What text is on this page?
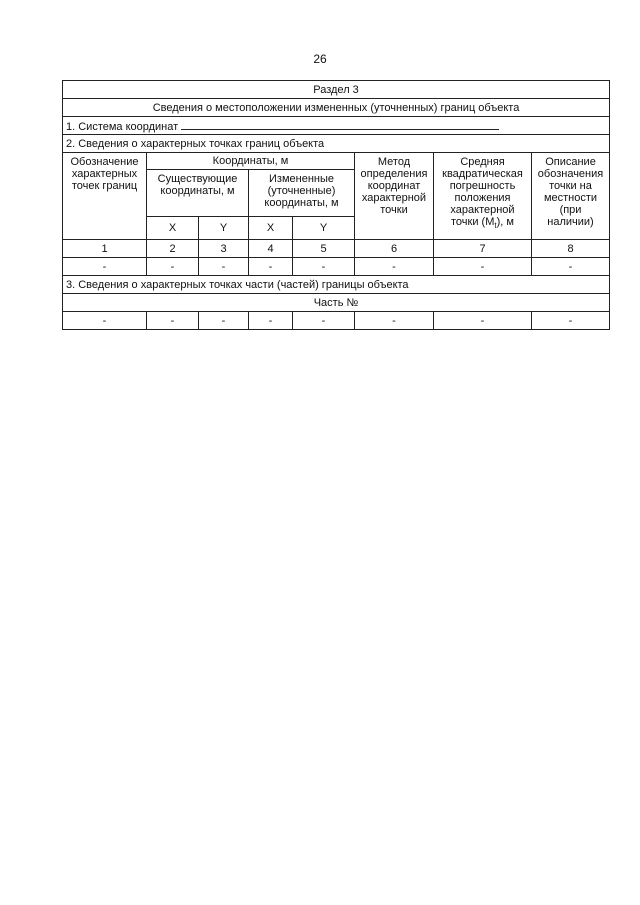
26
Раздел 3							
Сведения о местоположении измененных (уточненных) границ объекта							
1. Система координат							
2. Сведения о характерных точках границ объекта							
Обозначение характерных точек границ	Координаты, м				Метод определения координат характерной точки	Средняя квадратическая погрешность положения характерной точки $(M_t)$, м	Описание обозначения точки на местности (при наличии)
	Существующие координаты, м		Измененные (уточненные) координаты, м				
	X	Y	X	Y			
1	2	3	4	5	6	7	8
-	-	-	-	-	-	-	-
3. Сведения о характерных точках части (частей) границы объекта							
Часть №							
-	-	-	-	-	-	-	-
